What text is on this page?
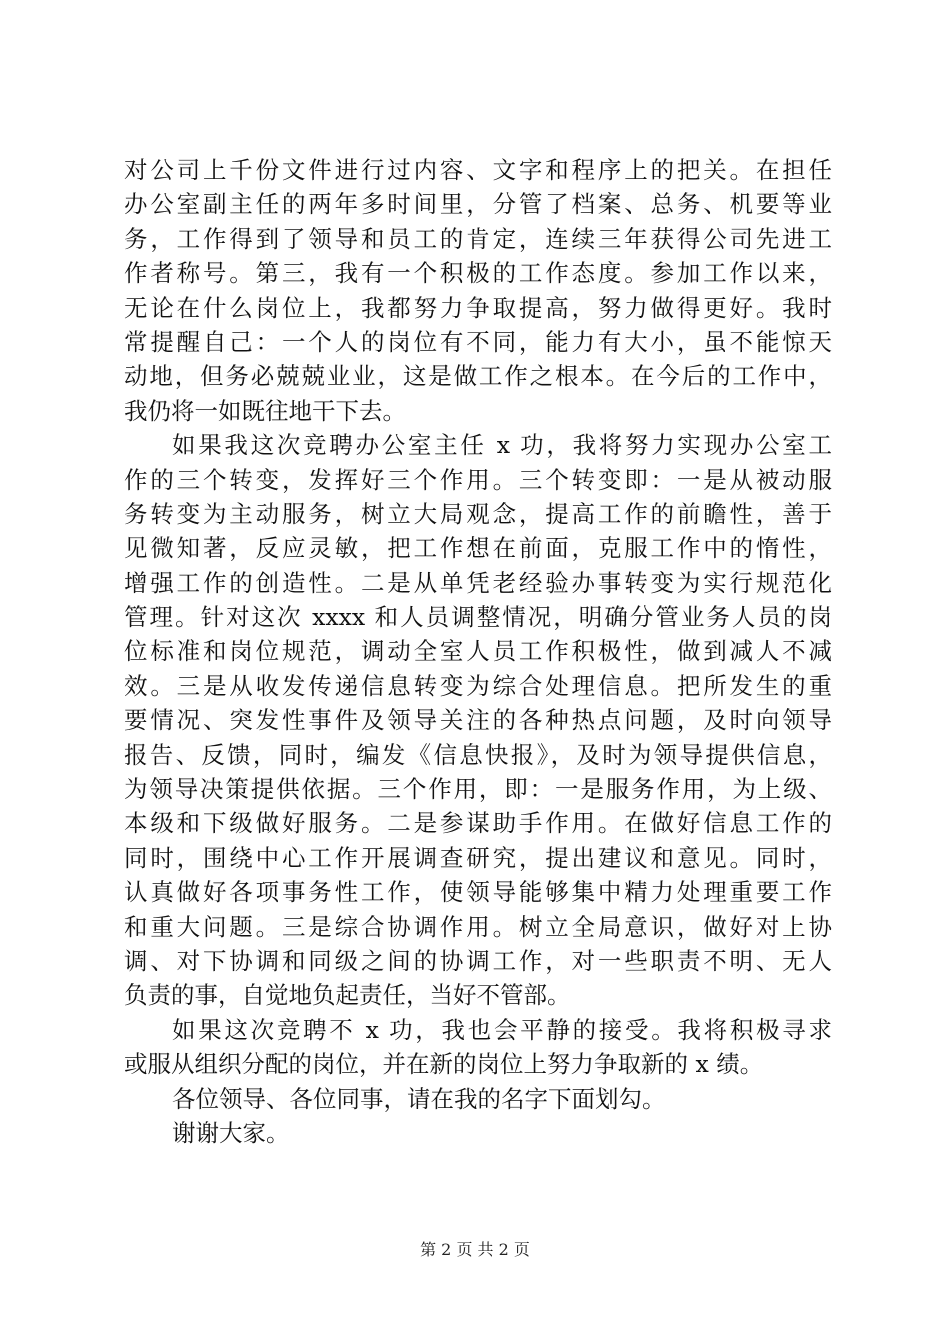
对公司上千份文件进行过内容、文字和程序上的把关。在担任
办公室副主任的两年多时间里，分管了档案、总务、机要等业
务，工作得到了领导和员工的肯定，连续三年获得公司先进工
作者称号。第三，我有一个积极的工作态度。参加工作以来，
无论在什么岗位上，我都努力争取提高，努力做得更好。我时
常提醒自己：一个人的岗位有不同，能力有大小，虽不能惊天
动地，但务必兢兢业业，这是做工作之根本。在今后的工作中，
我仍将一如既往地干下去。
如果我这次竞聘办公室主任 x 功，我将努力实现办公室工
作的三个转变，发挥好三个作用。三个转变即：一是从被动服
务转变为主动服务，树立大局观念，提高工作的前瞻性，善于
见微知著，反应灵敏，把工作想在前面，克服工作中的惰性，
增强工作的创造性。二是从单凭老经验办事转变为实行规范化
管理。针对这次 xxxx 和人员调整情况，明确分管业务人员的岗
位标准和岗位规范，调动全室人员工作积极性，做到减人不减
效。三是从收发传递信息转变为综合处理信息。把所发生的重
要情况、突发性事件及领导关注的各种热点问题，及时向领导
报告、反馈，同时，编发《信息快报》，及时为领导提供信息，
为领导决策提供依据。三个作用，即：一是服务作用，为上级、
本级和下级做好服务。二是参谋助手作用。在做好信息工作的
同时，围绕中心工作开展调查研究，提出建议和意见。同时，
认真做好各项事务性工作，使领导能够集中精力处理重要工作
和重大问题。三是综合协调作用。树立全局意识，做好对上协
调、对下协调和同级之间的协调工作，对一些职责不明、无人
负责的事，自觉地负起责任，当好不管部。
如果这次竞聘不 x 功，我也会平静的接受。我将积极寻求
或服从组织分配的岗位，并在新的岗位上努力争取新的 x 绩。
各位领导、各位同事，请在我的名字下面划勾。
谢谢大家。
第 2 页 共 2 页
